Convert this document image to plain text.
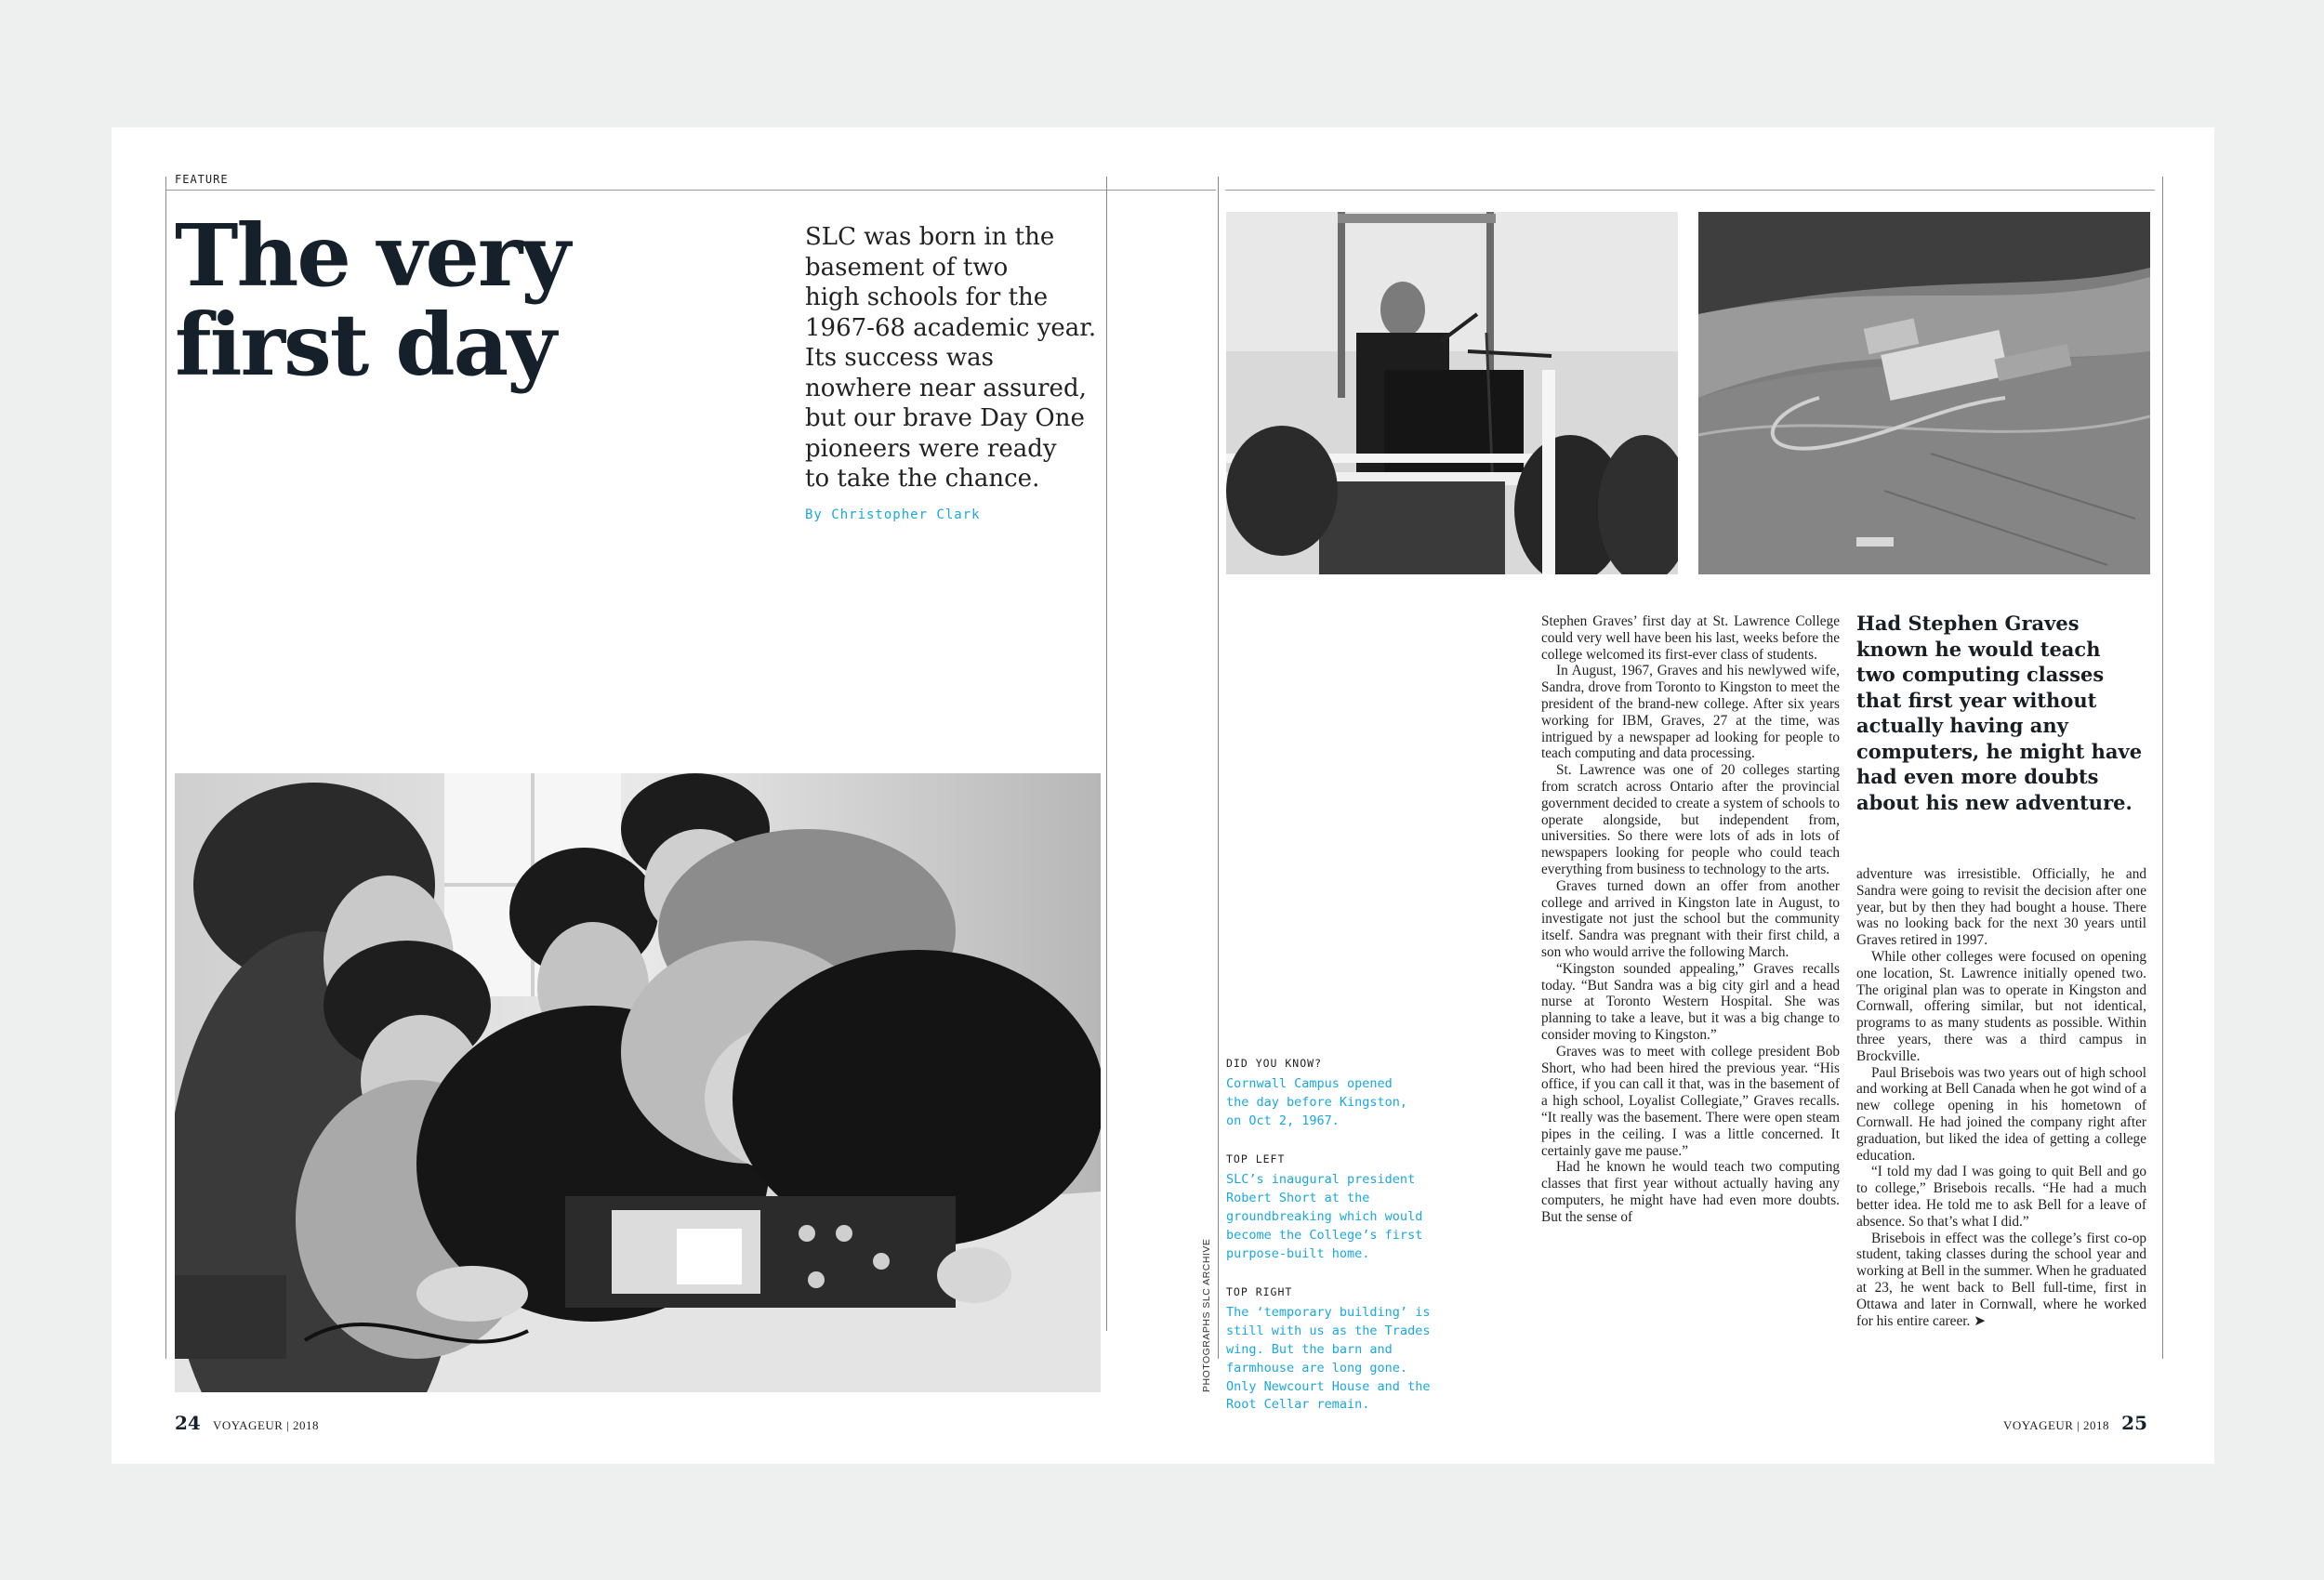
FEATURE
The very
first day
SLC was born in the
basement of two
high schools for the
1967-68 academic year.
Its success was
nowhere near assured,
but our brave Day One
pioneers were ready
to take the chance.
By Christopher Clark
24 VOYAGEUR | 2018
PHOTOGRAPHS SLC ARCHIVE
DID YOU KNOW?
Cornwall Campus opened
the day before Kingston,
on Oct 2, 1967.
TOP LEFT
SLC’s inaugural president
Robert Short at the
groundbreaking which would
become the College’s first
purpose-built home.
TOP RIGHT
The ‘temporary building’ is
still with us as the Trades
wing. But the barn and
farmhouse are long gone.
Only Newcourt House and the
Root Cellar remain.

Stephen Graves’ first day at St. Lawrence College could very well have been his last, weeks before the college welcomed its first-ever class of students.

In August, 1967, Graves and his newlywed wife, Sandra, drove from Toronto to Kingston to meet the president of the brand-new college. After six years working for IBM, Graves, 27 at the time, was intrigued by a newspaper ad looking for people to teach computing and data processing.

St. Lawrence was one of 20 colleges starting from scratch across Ontario after the provincial government decided to create a system of schools to operate alongside, but independent from, universities. So there were lots of ads in lots of newspapers looking for people who could teach everything from business to technology to the arts.

Graves turned down an offer from another college and arrived in Kingston late in August, to investigate not just the school but the community itself. Sandra was pregnant with their first child, a son who would arrive the following March.

“Kingston sounded appealing,” Graves recalls today. “But Sandra was a big city girl and a head nurse at Toronto Western Hospital. She was planning to take a leave, but it was a big change to consider moving to Kingston.”

Graves was to meet with college president Bob Short, who had been hired the previous year. “His office, if you can call it that, was in the basement of a high school, Loyalist Collegiate,” Graves recalls. “It really was the basement. There were open steam pipes in the ceiling. I was a little concerned. It certainly gave me pause.”

Had he known he would teach two computing classes that first year without actually having any computers, he might have had even more doubts. But the sense of

Had Stephen Graves
known he would teach
two computing classes
that first year without
actually having any
computers, he might have
had even more doubts
about his new adventure.

adventure was irresistible. Officially, he and Sandra were going to revisit the decision after one year, but by then they had bought a house. There was no looking back for the next 30 years until Graves retired in 1997.

While other colleges were focused on opening one location, St. Lawrence initially opened two. The original plan was to operate in Kingston and Cornwall, offering similar, but not identical, programs to as many students as possible. Within three years, there was a third campus in Brockville.

Paul Brisebois was two years out of high school and working at Bell Canada when he got wind of a new college opening in his hometown of Cornwall. He had joined the company right after graduation, but liked the idea of getting a college education.

“I told my dad I was going to quit Bell and go to college,” Brisebois recalls. “He had a much better idea. He told me to ask Bell for a leave of absence. So that’s what I did.”

Brisebois in effect was the college’s first co-op student, taking classes during the school year and working at Bell in the summer. When he graduated at 23, he went back to Bell full-time, first in Ottawa and later in Cornwall, where he worked for his entire career. ➤

VOYAGEUR | 2018 25
